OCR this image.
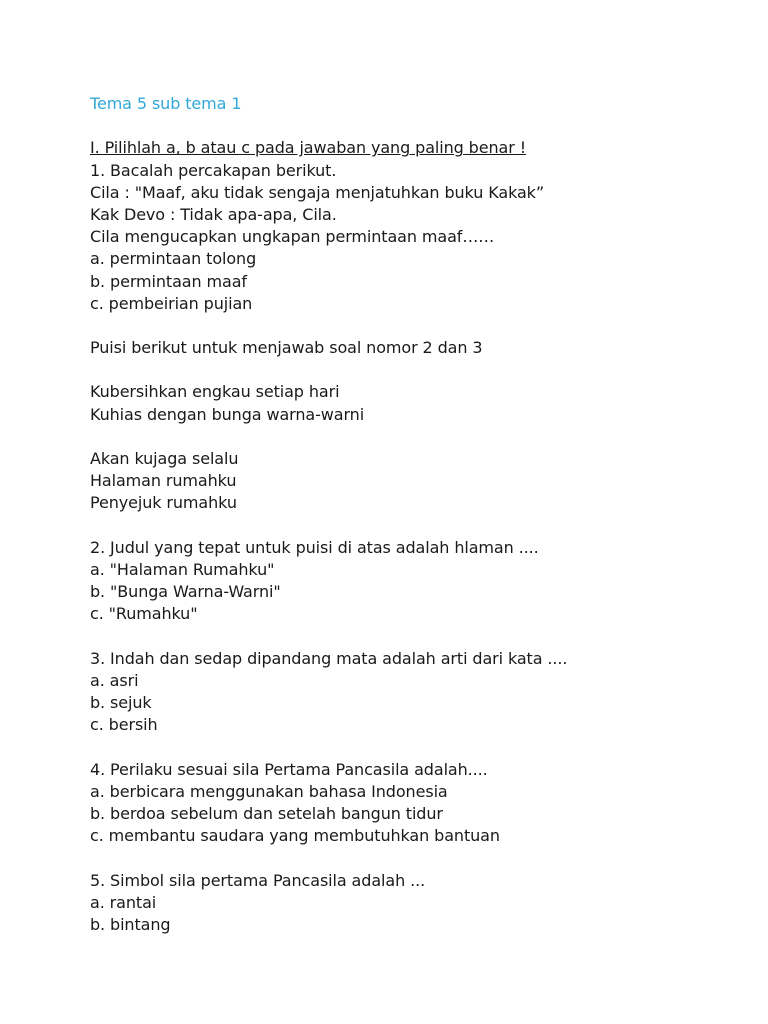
Tema 5 sub tema 1
I. Pilihlah a, b atau c pada jawaban yang paling benar !
1. Bacalah percakapan berikut.
Cila : "Maaf, aku tidak sengaja menjatuhkan buku Kakak”
Kak Devo : Tidak apa-apa, Cila.
Cila mengucapkan ungkapan permintaan maaf……
a. permintaan tolong
b. permintaan maaf
c. pembeirian pujian
Puisi berikut untuk menjawab soal nomor 2 dan 3
Kubersihkan engkau setiap hari
Kuhias dengan bunga warna-warni
Akan kujaga selalu
Halaman rumahku
Penyejuk rumahku
2. Judul yang tepat untuk puisi di atas adalah hlaman ....
a. "Halaman Rumahku"
b. "Bunga Warna-Warni"
c. "Rumahku"
3. Indah dan sedap dipandang mata adalah arti dari kata ....
a. asri
b. sejuk
c. bersih
4. Perilaku sesuai sila Pertama Pancasila adalah....
a. berbicara menggunakan bahasa Indonesia
b. berdoa sebelum dan setelah bangun tidur
c. membantu saudara yang membutuhkan bantuan
5. Simbol sila pertama Pancasila adalah ...
a. rantai
b. bintang
